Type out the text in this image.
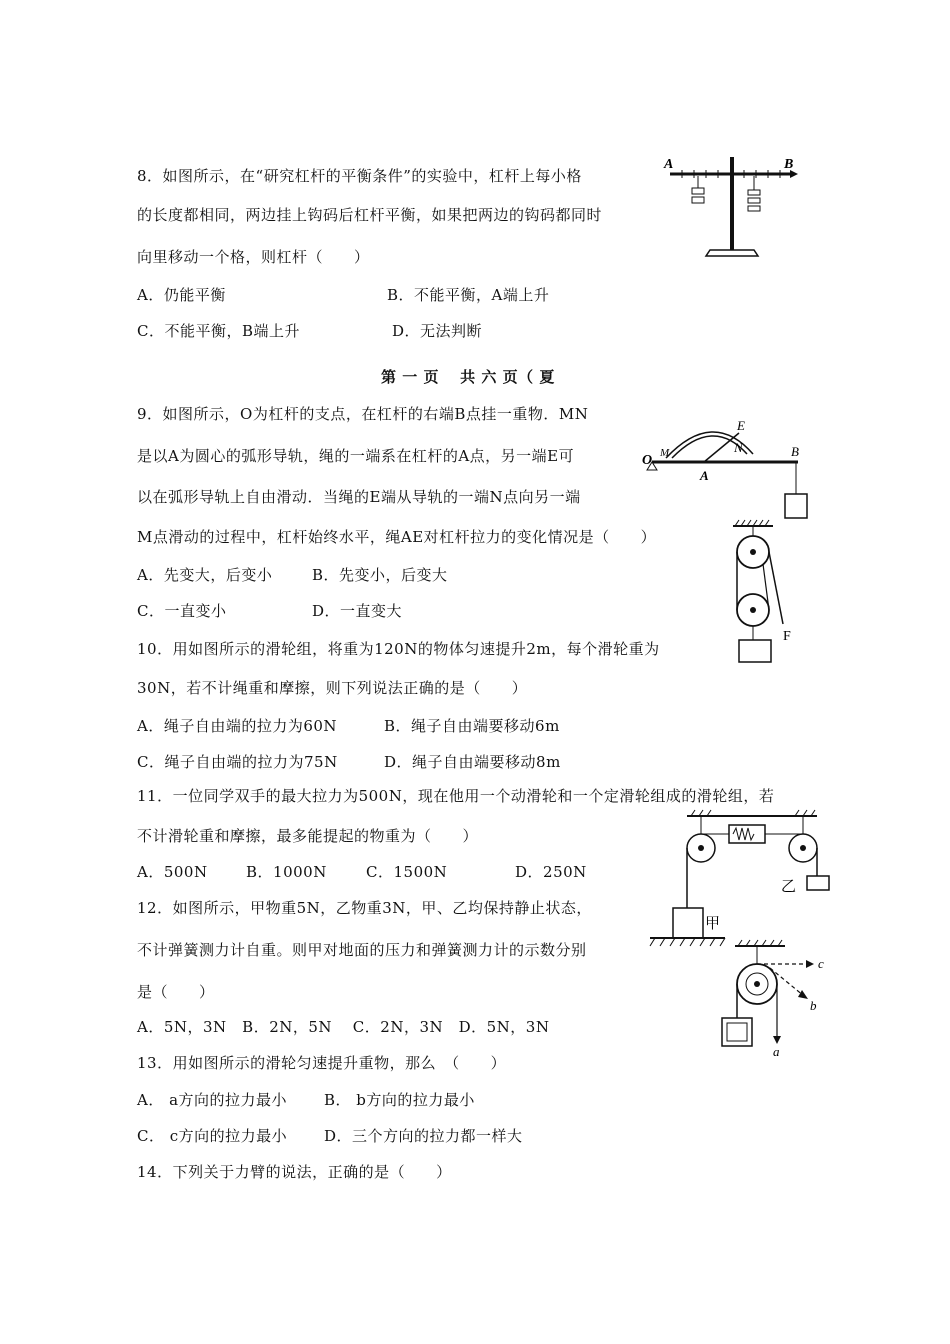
8．如图所示，在“研究杠杆的平衡条件”的实验中，杠杆上每小格
的长度都相同，两边挂上钩码后杠杆平衡，如果把两边的钩码都同时
向里移动一个格，则杠杆（　　）
A．仍能平衡	B．不能平衡，A端上升
C．不能平衡，B端上升	D．无法判断
A	B
第 一 页　 共 六 页（ 夏
9．如图所示，O为杠杆的支点，在杠杆的右端B点挂一重物．MN
是以A为圆心的弧形导轨，绳的一端系在杠杆的A点，另一端E可
以在弧形导轨上自由滑动．当绳的E端从导轨的一端N点向另一端
M点滑动的过程中，杠杆始终水平，绳AE对杠杆拉力的变化情况是（　　）
A．先变大，后变小	B．先变小，后变大
C．一直变小	D．一直变大
O M
A
E
N	B
10．用如图所示的滑轮组，将重为120N的物体匀速提升2m，每个滑轮重为
30N，若不计绳重和摩擦，则下列说法正确的是（　　）
A．绳子自由端的拉力为60N	B．绳子自由端要移动6m
C．绳子自由端的拉力为75N	D．绳子自由端要移动8m
F
11．一位同学双手的最大拉力为500N，现在他用一个动滑轮和一个定滑轮组成的滑轮组，若
不计滑轮重和摩擦，最多能提起的物重为（　　）
A．500N	B．1000N	C．1500N	D．250N
12．如图所示，甲物重5N，乙物重3N，甲、乙均保持静止状态，
不计弹簧测力计自重。则甲对地面的压力和弹簧测力计的示数分别
是（　　）
A．5N，3N　B．2N，5N　 C．2N，3N　D．5N，3N
甲
乙
13．用如图所示的滑轮匀速提升重物，那么　（　　）
A． a方向的拉力最小 B． b方向的拉力最小
C． c方向的拉力最小 D．三个方向的拉力都一样大
a
b
c
14．下列关于力臂的说法，正确的是（　　）
